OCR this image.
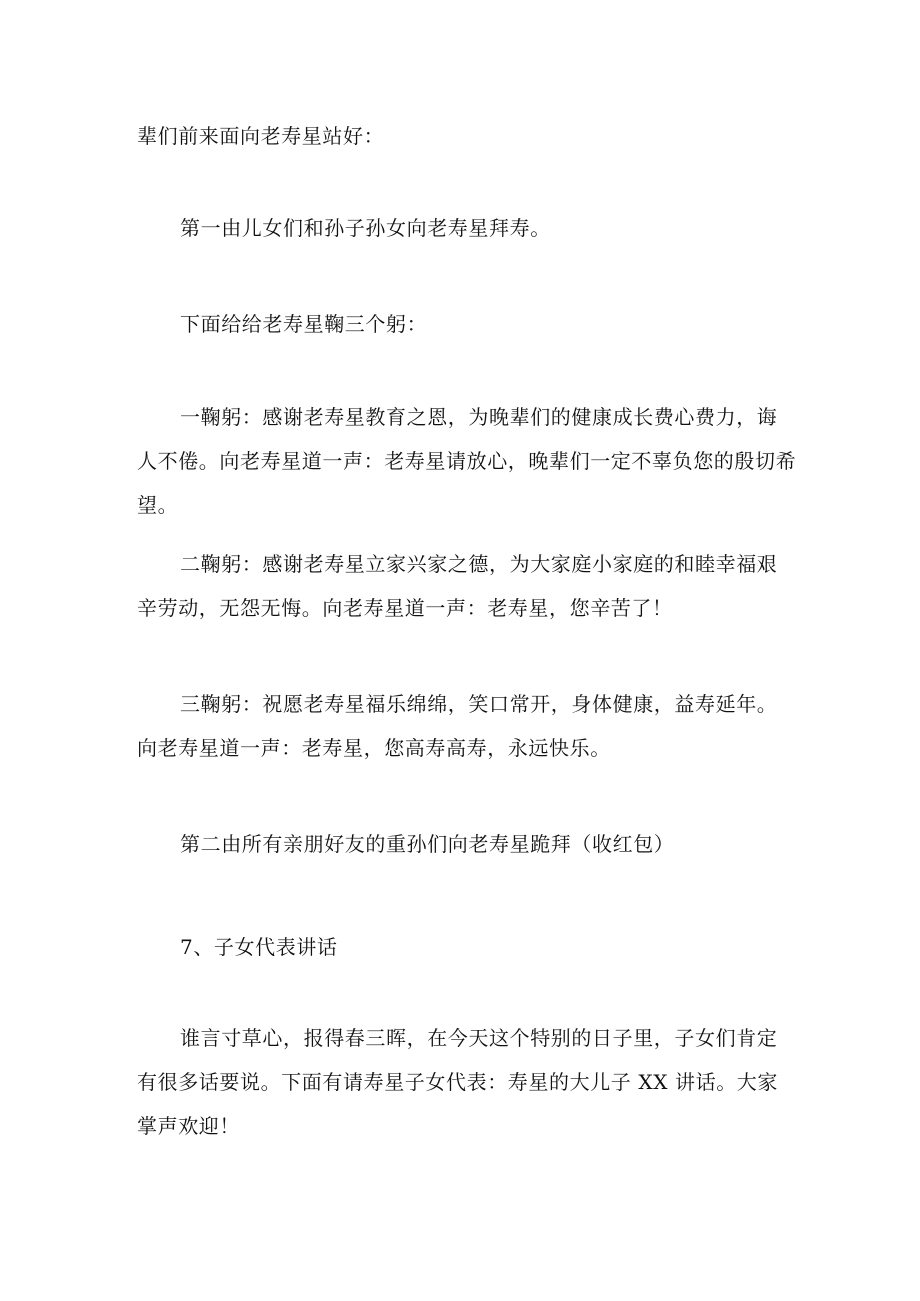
辈们前来面向老寿星站好：

第一由儿女们和孙子孙女向老寿星拜寿。

下面给给老寿星鞠三个躬：

一鞠躬：感谢老寿星教育之恩，为晚辈们的健康成长费心费力，诲人不倦。向老寿星道一声：老寿星请放心，晚辈们一定不辜负您的殷切希望。

二鞠躬：感谢老寿星立家兴家之德，为大家庭小家庭的和睦幸福艰辛劳动，无怨无悔。向老寿星道一声：老寿星，您辛苦了！

三鞠躬：祝愿老寿星福乐绵绵，笑口常开，身体健康，益寿延年。向老寿星道一声：老寿星，您高寿高寿，永远快乐。

第二由所有亲朋好友的重孙们向老寿星跪拜（收红包）

7、子女代表讲话

谁言寸草心，报得春三晖，在今天这个特别的日子里，子女们肯定有很多话要说。下面有请寿星子女代表：寿星的大儿子 XX 讲话。大家掌声欢迎！
